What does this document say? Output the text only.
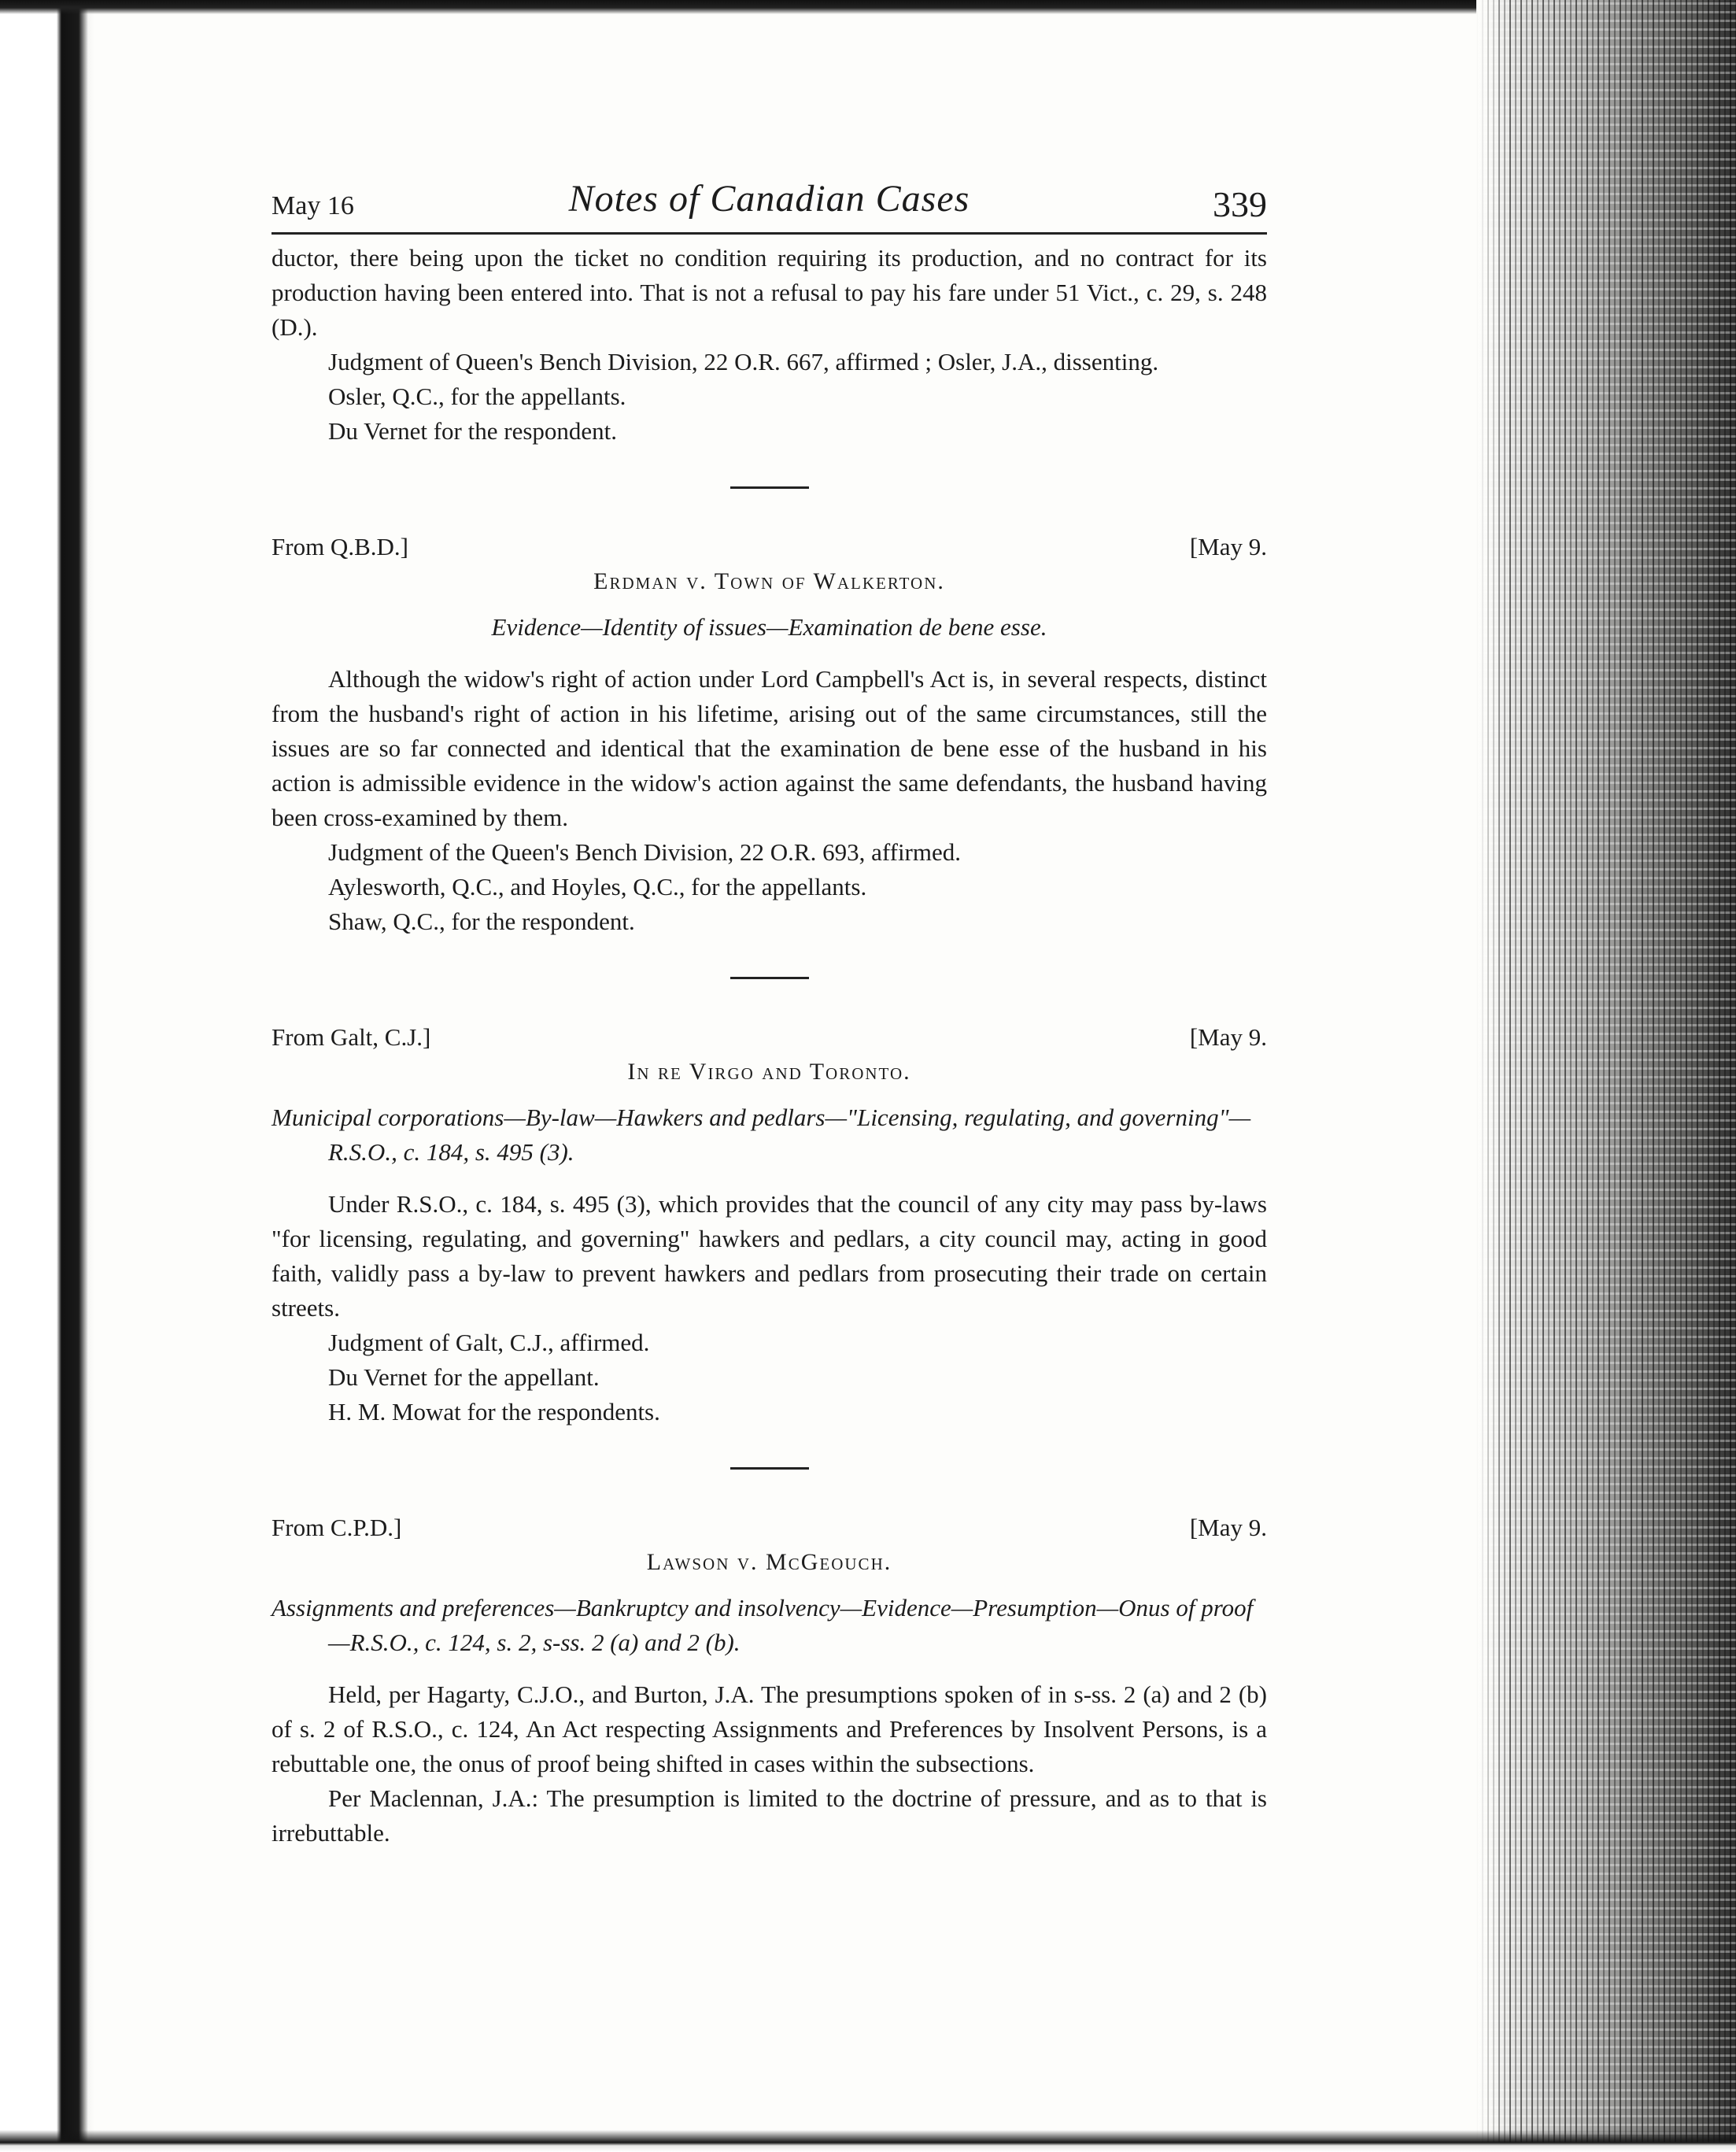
May 16	Notes of Canadian Cases	339

ductor, there being upon the ticket no condition requiring its production, and no contract for its production having been entered into. That is not a refusal to pay his fare under 51 Vict., c. 29, s. 248 (D.).

Judgment of Queen's Bench Division, 22 O.R. 667, affirmed ; Osler, J.A., dissenting.

Osler, Q.C., for the appellants.

Du Vernet for the respondent.

From Q.B.D.]	[May 9.
Erdman v. Town of Walkerton.
Evidence—Identity of issues—Examination de bene esse.

Although the widow's right of action under Lord Campbell's Act is, in several respects, distinct from the husband's right of action in his lifetime, arising out of the same circumstances, still the issues are so far connected and identical that the examination de bene esse of the husband in his action is admissible evidence in the widow's action against the same defendants, the husband having been cross-examined by them.

Judgment of the Queen's Bench Division, 22 O.R. 693, affirmed.

Aylesworth, Q.C., and Hoyles, Q.C., for the appellants.

Shaw, Q.C., for the respondent.

From Galt, C.J.]	[May 9.
In re Virgo and Toronto.
Municipal corporations—By-law—Hawkers and pedlars—"Licensing, regulating, and governing"—R.S.O., c. 184, s. 495 (3).

Under R.S.O., c. 184, s. 495 (3), which provides that the council of any city may pass by-laws "for licensing, regulating, and governing" hawkers and pedlars, a city council may, acting in good faith, validly pass a by-law to prevent hawkers and pedlars from prosecuting their trade on certain streets.

Judgment of Galt, C.J., affirmed.

Du Vernet for the appellant.

H. M. Mowat for the respondents.

From C.P.D.]	[May 9.
Lawson v. McGeouch.
Assignments and preferences—Bankruptcy and insolvency—Evidence—Presumption—Onus of proof—R.S.O., c. 124, s. 2, s-ss. 2 (a) and 2 (b).

Held, per Hagarty, C.J.O., and Burton, J.A. The presumptions spoken of in s-ss. 2 (a) and 2 (b) of s. 2 of R.S.O., c. 124, An Act respecting Assignments and Preferences by Insolvent Persons, is a rebuttable one, the onus of proof being shifted in cases within the subsections.

Per Maclennan, J.A.: The presumption is limited to the doctrine of pressure, and as to that is irrebuttable.
